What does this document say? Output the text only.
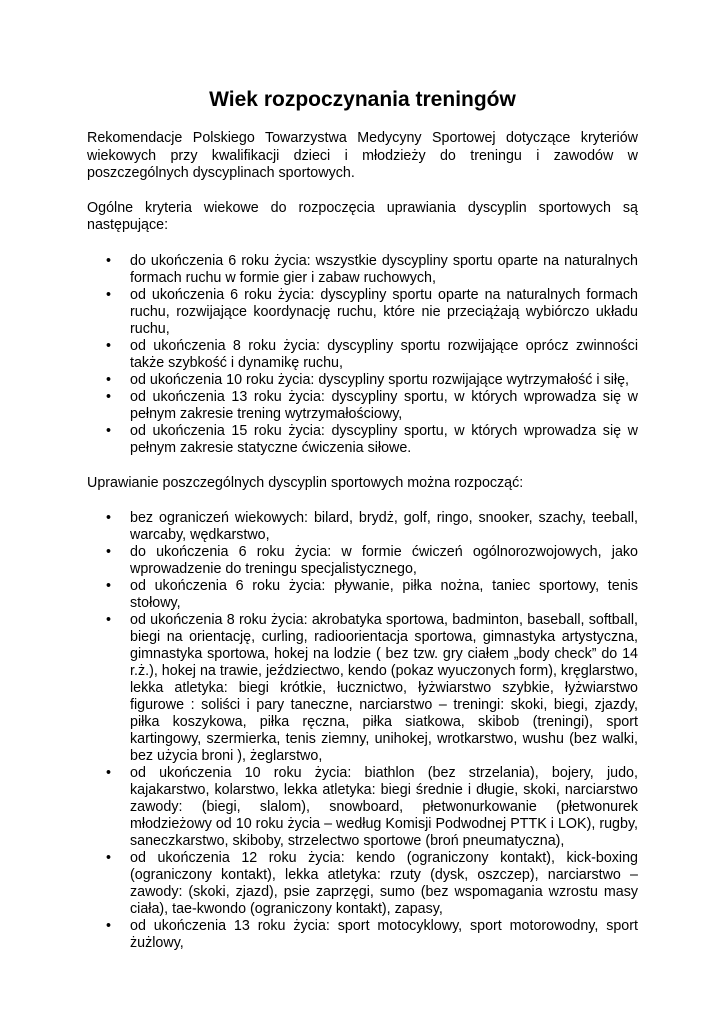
Wiek rozpoczynania treningów

Rekomendacje Polskiego Towarzystwa Medycyny Sportowej dotyczące kryteriów wiekowych przy kwalifikacji dzieci i młodzieży do treningu i zawodów w poszczególnych dyscyplinach sportowych.

Ogólne kryteria wiekowe do rozpoczęcia uprawiania dyscyplin sportowych są następujące:

• do ukończenia 6 roku życia: wszystkie dyscypliny sportu oparte na naturalnych formach ruchu w formie gier i zabaw ruchowych,
• od ukończenia 6 roku życia: dyscypliny sportu oparte na naturalnych formach ruchu, rozwijające koordynację ruchu, które nie przeciążają wybiórczo układu ruchu,
• od ukończenia 8 roku życia: dyscypliny sportu rozwijające oprócz zwinności także szybkość i dynamikę ruchu,
• od ukończenia 10 roku życia: dyscypliny sportu rozwijające wytrzymałość i siłę,
• od ukończenia 13 roku życia: dyscypliny sportu, w których wprowadza się w pełnym zakresie trening wytrzymałościowy,
• od ukończenia 15 roku życia: dyscypliny sportu, w których wprowadza się w pełnym zakresie statyczne ćwiczenia siłowe.

Uprawianie poszczególnych dyscyplin sportowych można rozpocząć:

• bez ograniczeń wiekowych: bilard, brydż, golf, ringo, snooker, szachy, teeball, warcaby, wędkarstwo,
• do ukończenia 6 roku życia: w formie ćwiczeń ogólnorozwojowych, jako wprowadzenie do treningu specjalistycznego,
• od ukończenia 6 roku życia: pływanie, piłka nożna, taniec sportowy, tenis stołowy,
• od ukończenia 8 roku życia: akrobatyka sportowa, badminton, baseball, softball, biegi na orientację, curling, radioorientacja sportowa, gimnastyka artystyczna, gimnastyka sportowa, hokej na lodzie ( bez tzw. gry ciałem „body check” do 14 r.ż.), hokej na trawie, jeździectwo, kendo (pokaz wyuczonych form), kręglarstwo, lekka atletyka: biegi krótkie, łucznictwo, łyżwiarstwo szybkie, łyżwiarstwo figurowe : soliści i pary taneczne, narciarstwo – treningi: skoki, biegi, zjazdy, piłka koszykowa, piłka ręczna, piłka siatkowa, skibob (treningi), sport kartingowy, szermierka, tenis ziemny, unihokej, wrotkarstwo, wushu (bez walki, bez użycia broni ), żeglarstwo,
• od ukończenia 10 roku życia: biathlon (bez strzelania), bojery, judo, kajakarstwo, kolarstwo, lekka atletyka: biegi średnie i długie, skoki, narciarstwo zawody: (biegi, slalom), snowboard, płetwonurkowanie (płetwonurek młodzieżowy od 10 roku życia – według Komisji Podwodnej PTTK i LOK), rugby, saneczkarstwo, skiboby, strzelectwo sportowe (broń pneumatyczna),
• od ukończenia 12 roku życia: kendo (ograniczony kontakt), kick-boxing (ograniczony kontakt), lekka atletyka: rzuty (dysk, oszczep), narciarstwo – zawody: (skoki, zjazd), psie zaprzęgi, sumo (bez wspomagania wzrostu masy ciała), tae-kwondo (ograniczony kontakt), zapasy,
• od ukończenia 13 roku życia: sport motocyklowy, sport motorowodny, sport żużlowy,
